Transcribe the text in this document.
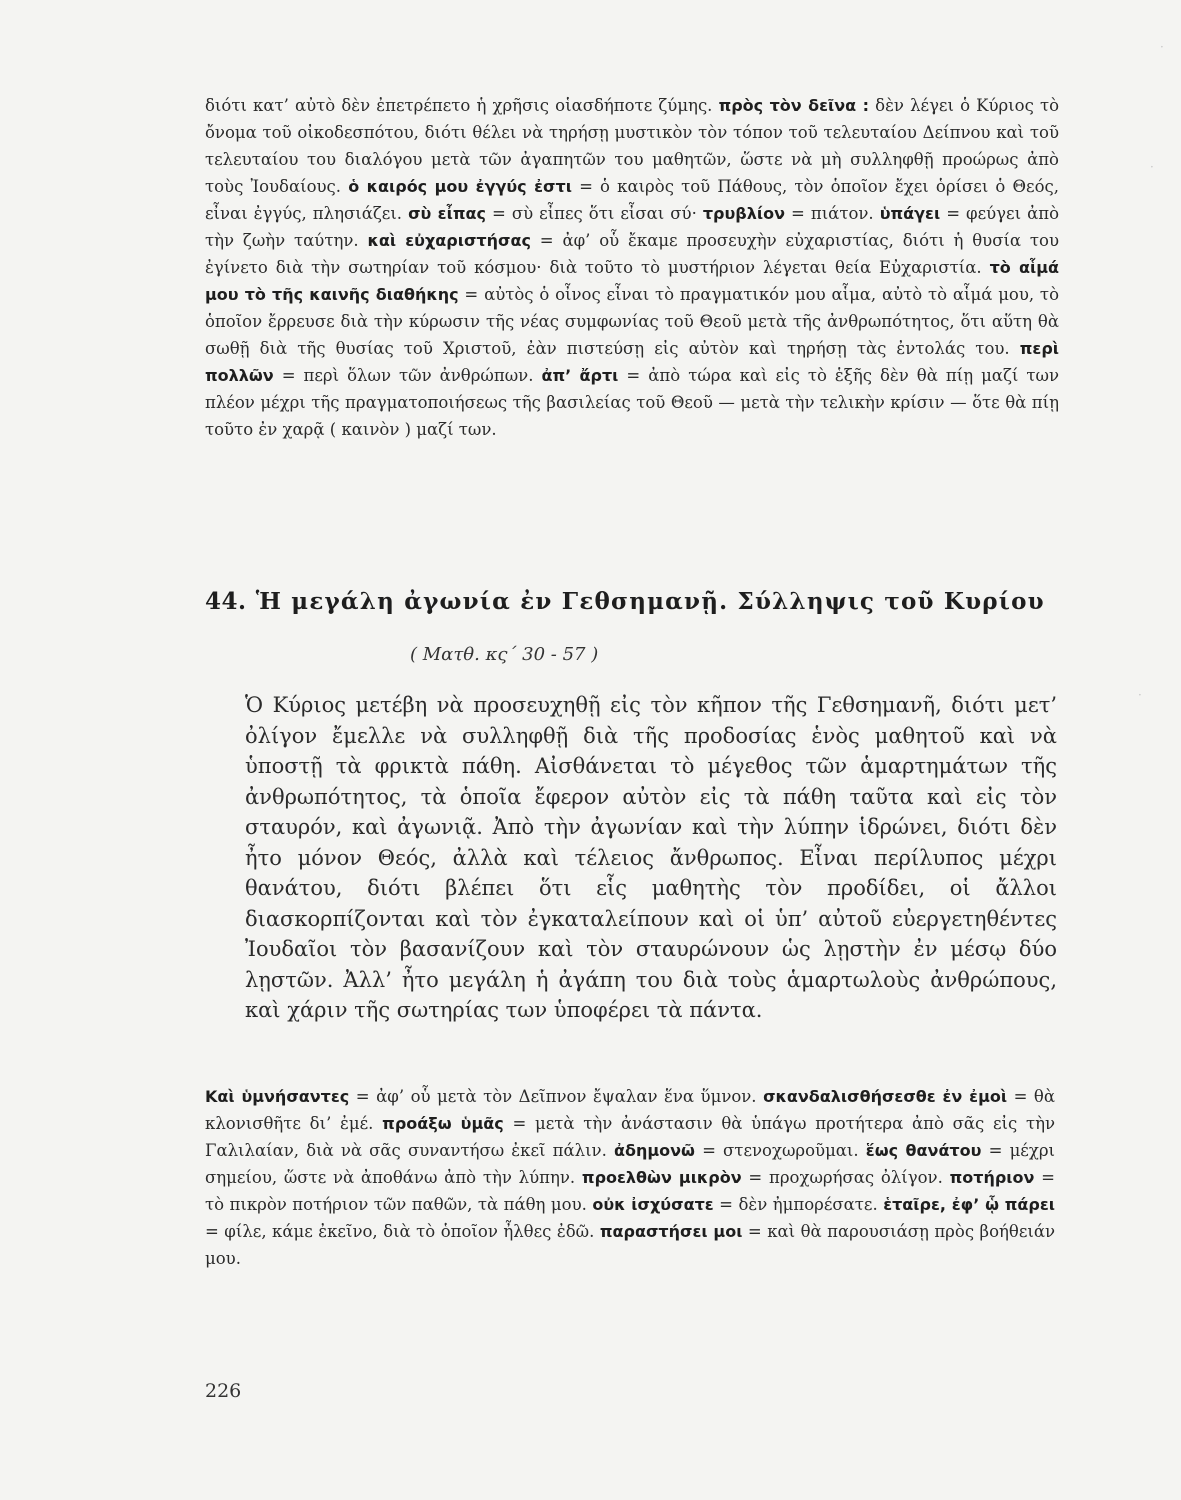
διότι κατ’ αὐτὸ δὲν ἐπετρέπετο ἡ χρῆσις οἱασδήποτε ζύμης. πρὸς τὸν δεῖνα : δὲν λέγει ὁ Κύριος τὸ ὄνομα τοῦ οἰκοδεσπότου, διότι θέλει νὰ τηρήσῃ μυστικὸν τὸν τόπον τοῦ τελευταίου Δείπνου καὶ τοῦ τελευταίου του διαλόγου μετὰ τῶν ἀγαπητῶν του μαθητῶν, ὥστε νὰ μὴ συλληφθῇ προώρως ἀπὸ τοὺς Ἰουδαίους. ὁ καιρός μου ἐγγύς ἐστι = ὁ καιρὸς τοῦ Πάθους, τὸν ὁποῖον ἔχει ὁρίσει ὁ Θεός, εἶναι ἐγγύς, πλησιάζει. σὺ εἶπας = σὺ εἶπες ὅτι εἶσαι σύ· τρυβλίον = πιάτον. ὑπάγει = φεύγει ἀπὸ τὴν ζωὴν ταύτην. καὶ εὐχαριστήσας = ἀφ’ οὗ ἔκαμε προσευχὴν εὐχαριστίας, διότι ἡ θυσία του ἐγίνετο διὰ τὴν σωτηρίαν τοῦ κόσμου· διὰ τοῦτο τὸ μυστήριον λέγεται θεία Εὐχαριστία. τὸ αἷμά μου τὸ τῆς καινῆς διαθήκης = αὐτὸς ὁ οἶνος εἶναι τὸ πραγματικόν μου αἷμα, αὐτὸ τὸ αἷμά μου, τὸ ὁποῖον ἔρρευσε διὰ τὴν κύρωσιν τῆς νέας συμφωνίας τοῦ Θεοῦ μετὰ τῆς ἀνθρωπότητος, ὅτι αὕτη θὰ σωθῇ διὰ τῆς θυσίας τοῦ Χριστοῦ, ἐὰν πιστεύσῃ εἰς αὐτὸν καὶ τηρήσῃ τὰς ἐντολάς του. περὶ πολλῶν = περὶ ὅλων τῶν ἀνθρώπων. ἀπ’ ἄρτι = ἀπὸ τώρα καὶ εἰς τὸ ἑξῆς δὲν θὰ πίῃ μαζί των πλέον μέχρι τῆς πραγματοποιήσεως τῆς βασιλείας τοῦ Θεοῦ — μετὰ τὴν τελικὴν κρίσιν — ὅτε θὰ πίῃ τοῦτο ἐν χαρᾷ ( καινὸν ) μαζί των.

44. Ἡ μεγάλη ἀγωνία ἐν Γεθσημανῇ. Σύλληψις τοῦ Κυρίου
( Ματθ. κς΄ 30 - 57 )

Ὁ Κύριος μετέβη νὰ προσευχηθῇ εἰς τὸν κῆπον τῆς Γεθσημανῆ, διότι μετ’ ὀλίγον ἔμελλε νὰ συλληφθῇ διὰ τῆς προδοσίας ἑνὸς μαθητοῦ καὶ νὰ ὑποστῇ τὰ φρικτὰ πάθη. Αἰσθάνεται τὸ μέγεθος τῶν ἁμαρτημάτων τῆς ἀνθρωπότητος, τὰ ὁποῖα ἔφερον αὐτὸν εἰς τὰ πάθη ταῦτα καὶ εἰς τὸν σταυρόν, καὶ ἀγωνιᾷ. Ἀπὸ τὴν ἀγωνίαν καὶ τὴν λύπην ἱδρώνει, διότι δὲν ἦτο μόνον Θεός, ἀλλὰ καὶ τέλειος ἄνθρωπος. Εἶναι περίλυπος μέχρι θανάτου, διότι βλέπει ὅτι εἷς μαθητὴς τὸν προδίδει, οἱ ἄλλοι διασκορπίζονται καὶ τὸν ἐγκαταλείπουν καὶ οἱ ὑπ’ αὐτοῦ εὐεργετηθέντες Ἰουδαῖοι τὸν βασανίζουν καὶ τὸν σταυρώνουν ὡς λῃστὴν ἐν μέσῳ δύο λῃστῶν. Ἀλλ’ ἦτο μεγάλη ἡ ἀγάπη του διὰ τοὺς ἁμαρτωλοὺς ἀνθρώπους, καὶ χάριν τῆς σωτηρίας των ὑποφέρει τὰ πάντα.

Καὶ ὑμνήσαντες = ἀφ’ οὗ μετὰ τὸν Δεῖπνον ἔψαλαν ἕνα ὕμνον. σκανδαλισθήσεσθε ἐν ἐμοὶ = θὰ κλονισθῆτε δι’ ἐμέ. προάξω ὑμᾶς = μετὰ τὴν ἀνάστασιν θὰ ὑπάγω προτήτερα ἀπὸ σᾶς εἰς τὴν Γαλιλαίαν, διὰ νὰ σᾶς συναντήσω ἐκεῖ πάλιν. ἀδημονῶ = στενοχωροῦμαι. ἕως θανάτου = μέχρι σημείου, ὥστε νὰ ἀποθάνω ἀπὸ τὴν λύπην. προελθὼν μικρὸν = προχωρήσας ὀλίγον. ποτήριον = τὸ πικρὸν ποτήριον τῶν παθῶν, τὰ πάθη μου. οὐκ ἰσχύσατε = δὲν ἠμπορέσατε. ἑταῖρε, ἐφ’ ᾧ πάρει = φίλε, κάμε ἐκεῖνο, διὰ τὸ ὁποῖον ἦλθες ἐδῶ. παραστήσει μοι = καὶ θὰ παρουσιάσῃ πρὸς βοήθειάν μου.

226
·
·
·
